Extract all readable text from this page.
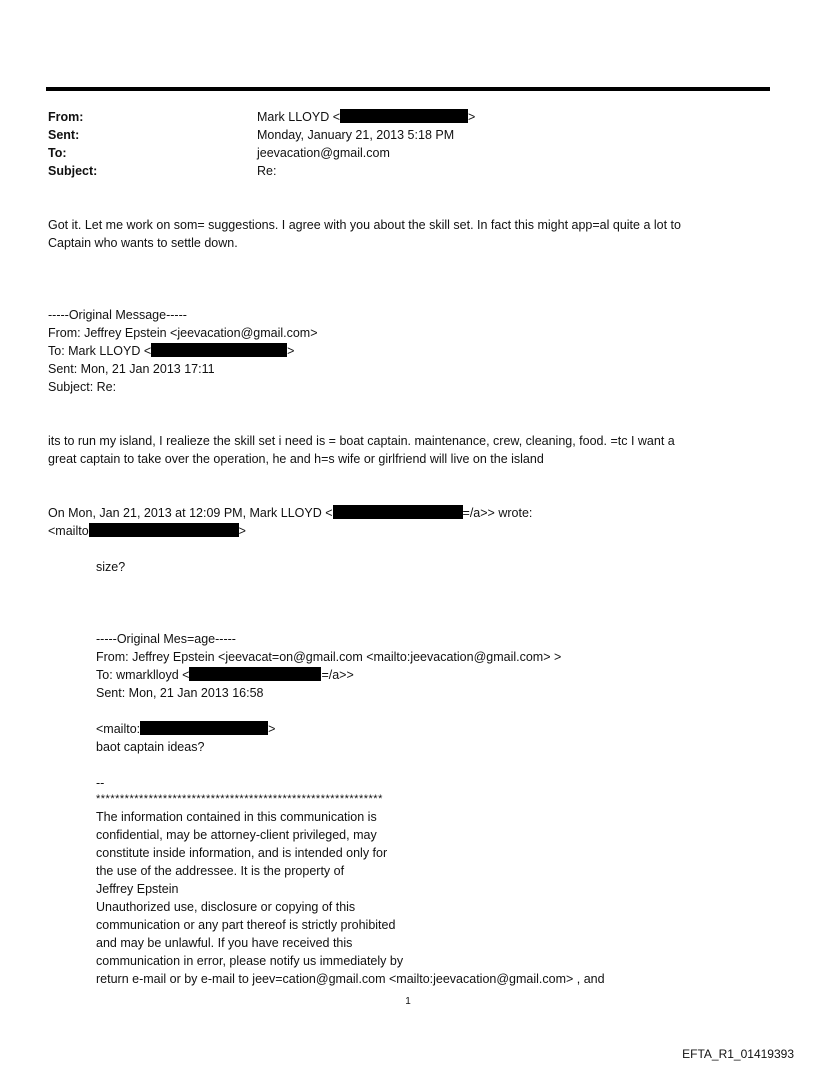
From:	Mark LLOYD <	>
Sent:	Monday, January 21, 2013 5:18 PM
To:	jeevacation@gmail.com
Subject:	Re:
Got it. Let me work on som= suggestions. I agree with you about the skill set. In fact this might app=al quite a lot to
Captain who wants to settle down.
-----Original Message-----
From: Jeffrey Epstein <jeevacation@gmail.com>
To: Mark LLOYD <	>
Sent: Mon, 21 Jan 2013 17:11
Subject: Re:
its to run my island, I realieze the skill set i need is = boat captain. maintenance, crew, cleaning, food. =tc I want a
great captain to take over the operation, he and h=s wife or girlfriend will live on the island
On Mon, Jan 21, 2013 at 12:09 PM, Mark LLOYD <	=/a>> wrote:
<mailto	>
size?
-----Original Mes=age-----
From: Jeffrey Epstein <jeevacat=on@gmail.com <mailto:jeevacation@gmail.com> >
To: wmarklloyd <	=/a>>
Sent: Mon, 21 Jan 2013 16:58
<mailto:	>
baot captain ideas?
--
************************************************************
The information contained in this communication is
confidential, may be attorney-client privileged, may
constitute inside information, and is intended only for
the use of the addressee. It is the property of
Jeffrey Epstein
Unauthorized use, disclosure or copying of this
communication or any part thereof is strictly prohibited
and may be unlawful. If you have received this
communication in error, please notify us immediately by
return e-mail or by e-mail to jeev=cation@gmail.com <mailto:jeevacation@gmail.com> , and
1
EFTA_R1_01419393
